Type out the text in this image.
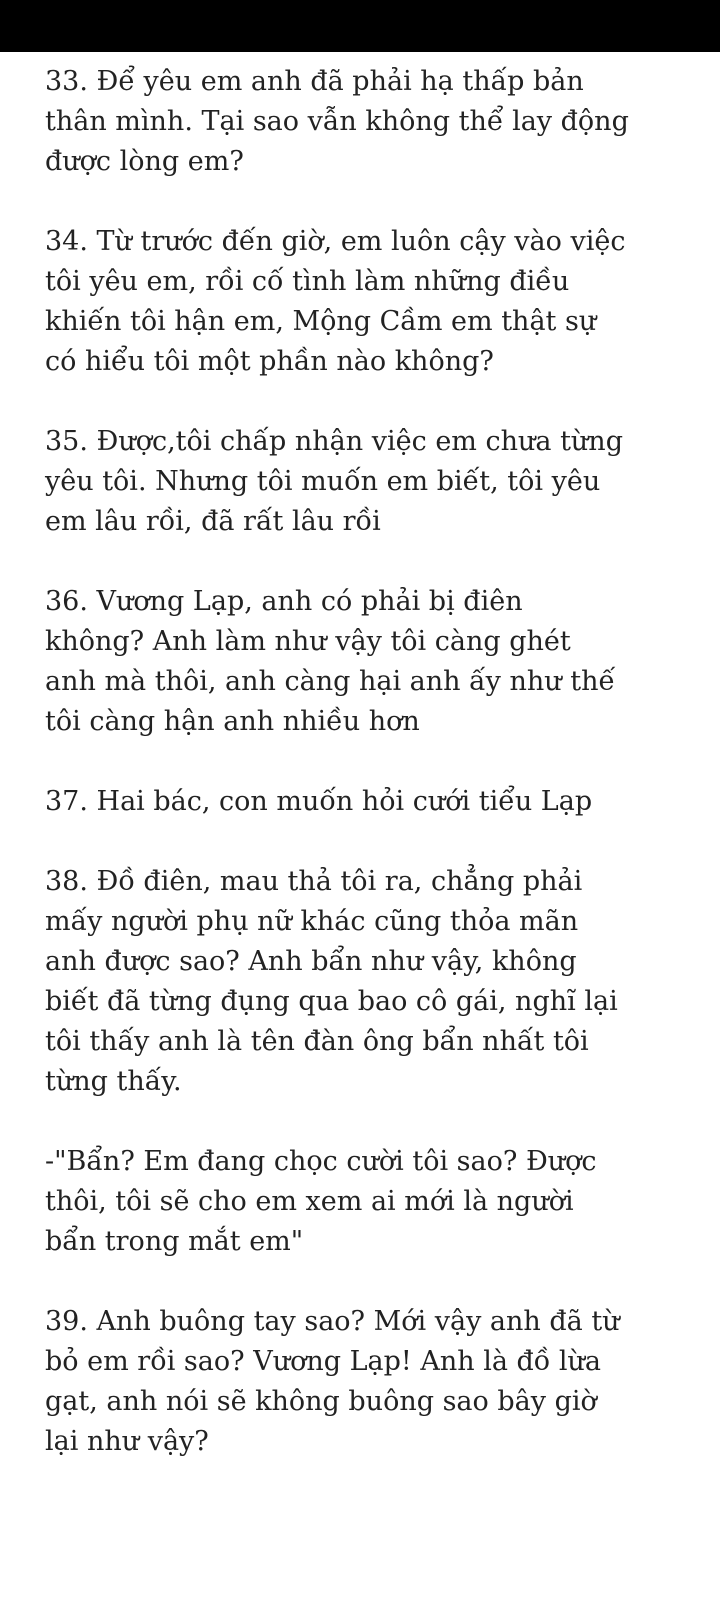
33. Để yêu em anh đã phải hạ thấp bản
thân mình. Tại sao vẫn không thể lay động
được lòng em?

34. Từ trước đến giờ, em luôn cậy vào việc
tôi yêu em, rồi cố tình làm những điều
khiến tôi hận em, Mộng Cầm em thật sự
có hiểu tôi một phần nào không?

35. Được,tôi chấp nhận việc em chưa từng
yêu tôi. Nhưng tôi muốn em biết, tôi yêu
em lâu rồi, đã rất lâu rồi

36. Vương Lạp, anh có phải bị điên
không? Anh làm như vậy tôi càng ghét
anh mà thôi, anh càng hại anh ấy như thế
tôi càng hận anh nhiều hơn

37. Hai bác, con muốn hỏi cưới tiểu Lạp

38. Đồ điên, mau thả tôi ra, chẳng phải
mấy người phụ nữ khác cũng thỏa mãn
anh được sao? Anh bẩn như vậy, không
biết đã từng đụng qua bao cô gái, nghĩ lại
tôi thấy anh là tên đàn ông bẩn nhất tôi
từng thấy.

-"Bẩn? Em đang chọc cười tôi sao? Được
thôi, tôi sẽ cho em xem ai mới là người
bẩn trong mắt em"

39. Anh buông tay sao? Mới vậy anh đã từ
bỏ em rồi sao? Vương Lạp! Anh là đồ lừa
gạt, anh nói sẽ không buông sao bây giờ
lại như vậy?
